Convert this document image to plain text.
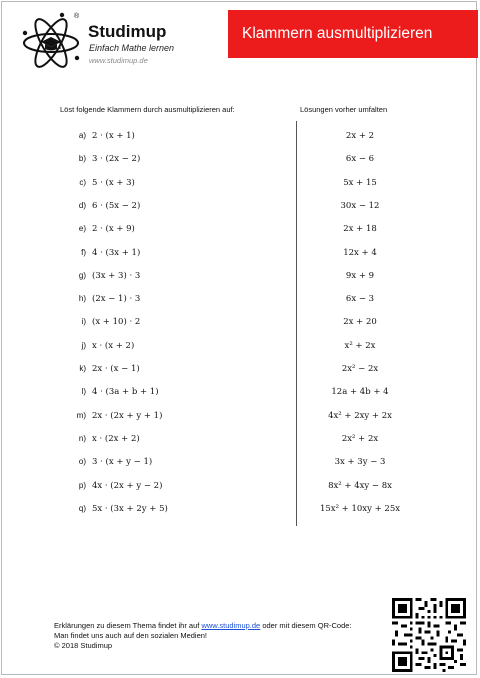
®
Studimup
Einfach Mathe lernen
www.studimup.de
Klammern ausmultiplizieren
Löst folgende Klammern durch ausmultiplizieren auf:	Lösungen vorher umfalten
a) 2 · (x + 1)
b) 3 · (2x − 2)
c) 5 · (x + 3)
d) 6 · (5x − 2)
e) 2 · (x + 9)
f) 4 · (3x + 1)
g) (3x + 3) · 3
h) (2x − 1) · 3
i) (x + 10) · 2
j) x · (x + 2)
k) 2x · (x − 1)
l) 4 · (3a + b + 1)
m) 2x · (2x + y + 1)
n) x · (2x + 2)
o) 3 · (x + y − 1)
p) 4x · (2x + y − 2)
q) 5x · (3x + 2y + 5)
2x + 2
6x − 6
5x + 15
30x − 12
2x + 18
12x + 4
9x + 9
6x − 3
2x + 20
x² + 2x
2x² − 2x
12a + 4b + 4
4x² + 2xy + 2x
2x² + 2x
3x + 3y − 3
8x² + 4xy − 8x
15x² + 10xy + 25x
Erklärungen zu diesem Thema findet ihr auf www.studimup.de oder mit diesem QR-Code:
Man findet uns auch auf den sozialen Medien!
© 2018 Studimup
